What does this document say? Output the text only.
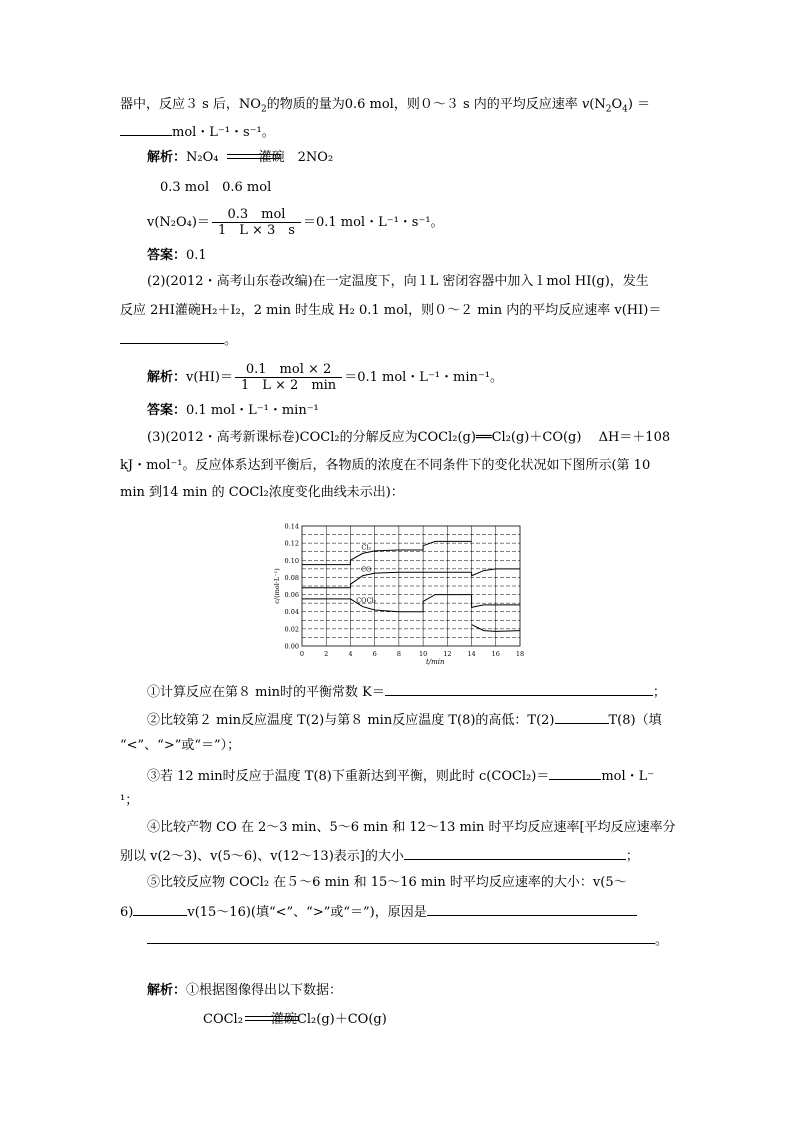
器中，反应３ s 后，$NO_2$的物质的量为0.6 mol，则０～３ s 内的平均反应速率 $v(N_2O_4)$ ＝
mol・L⁻¹・s⁻¹。
解析：N₂O₄	灌碗　 2NO₂
0.3 mol　0.6 mol
$v(N_2O_4)= \frac{\text{0.3　mol}}{1 L \times 3 s} =0.1$ mol・L⁻¹・s⁻¹。
答案：0.1
(2)(2012・高考山东卷改编)在一定温度下，向１L 密闭容器中加入１mol HI(g)，发生
反应 2HI灌碗H₂＋I₂，2 min 时生成 H₂ 0.1 mol，则０～２ min 内的平均反应速率 v(HI)＝
。
解析：$v(HI)= \frac{\text{0.1　mol × 2}}{1 L \times 2 \min} =0.1$ mol・L⁻¹・min⁻¹。
答案：0.1 mol・L⁻¹・min⁻¹
(3)(2012・高考新课标卷)COCl₂的分解反应为COCl₂(g)══Cl₂(g)＋CO(g)　 ΔH＝＋108
kJ・mol⁻¹。反应体系达到平衡后，各物质的浓度在不同条件下的变化状况如下图所示(第 10
min 到14 min 的 COCl₂浓度变化曲线未示出)：
0	2	4	6	8	10 12 14 16 18
0.00
0.02
0.04
0.06
0.08
0.10
0.12
0.14
t/min
c/(mol·L⁻¹)
Cl₂
CO
COCl₂
①计算反应在第８ min时的平衡常数 K＝	；
②比较第２ min反应温度 T(2)与第８ min反应温度 T(8)的高低：T(2)	T(8)（填
“<”、“>”或“＝”）；
③若 12 min时反应于温度 T(8)下重新达到平衡，则此时 c(COCl₂)＝	mol・L⁻
¹；
④比较产物 CO 在 2～3 min、5～6 min 和 12～13 min 时平均反应速率[平均反应速率分
别以 v(2～3)、v(5～6)、v(12～13)表示]的大小	；
⑤比较反应物 COCl₂ 在５～6 min 和 15～16 min 时平均反应速率的大小：v(5～
6)	v(15～16)(填“<”、“>”或“＝”)，原因是
。
解析：①根据图像得出以下数据：
COCl₂ 灌碗Cl₂(g)＋CO(g)
